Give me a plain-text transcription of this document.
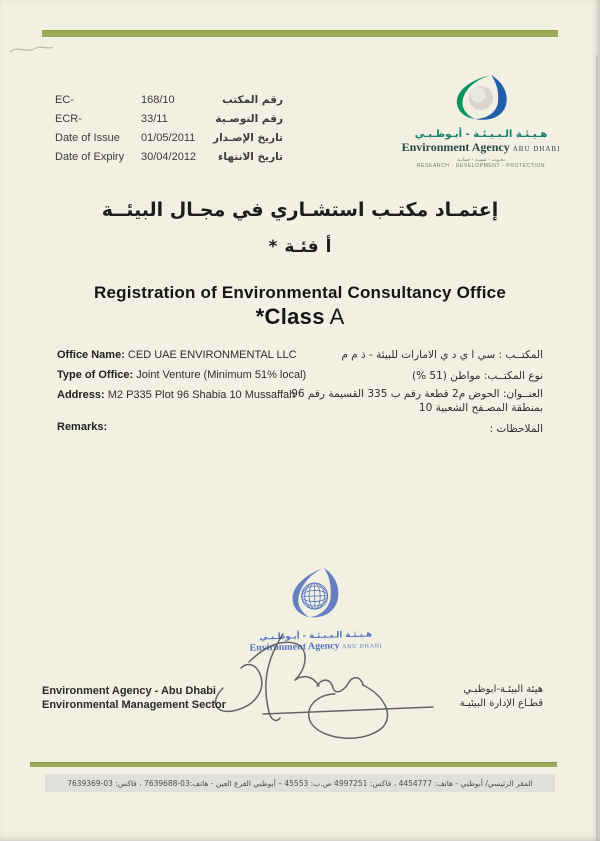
EC-	168/10	رقم المكتب
ECR-	33/11	رقم التوصـية
Date of Issue	01/05/2011	تاريخ الإصـدار
Date of Expiry	30/04/2012	تاريخ الانتهاء
هـيـئـة الـبـيـئـة - أبـوظـبـي
Environment Agency ABU DHABI
بحـوث - تنميـة - حمايـة
RESEARCH - DEVELOPMENT - PROTECTION
إعتمـاد مكتـب استشـاري في مجـال البيئــة
* فئـة أ
Registration of Environmental Consultancy Office
*Class A
Office Name: CED UAE ENVIRONMENTAL LLC	المكتــب : سي ا ي د ي الامارات للبيئة - ذ م م
Type of Office: Joint Venture (Minimum 51% local)	نوع المكتــب: مواطن (51 %)
Address: M2 P335 Plot 96 Shabia 10 Mussaffah
العنــوان: الحوض م2 قطعة رقم ب 335 القسيمة رقم 96 بمنطقة المصـفح الشعبية 10
Remarks:	الملاحظات :
هـيـئـة الـبـيـئـة - أبـوظـبـي
Environment Agency ABU DHABI
Environment Agency - Abu Dhabi
Environmental Management Sector
هيئة البيئـة-ابوظبـي
قطـاع الإدارة البيئيـة
المقر الرئيسي/ أبوظبي - هاتف: 4454777 ، فاكس: 4997251 ص.ب: 45553 – أبوظبي الفرع العين - هاتف:03-7639688 ، فاكس: 03-7639369
